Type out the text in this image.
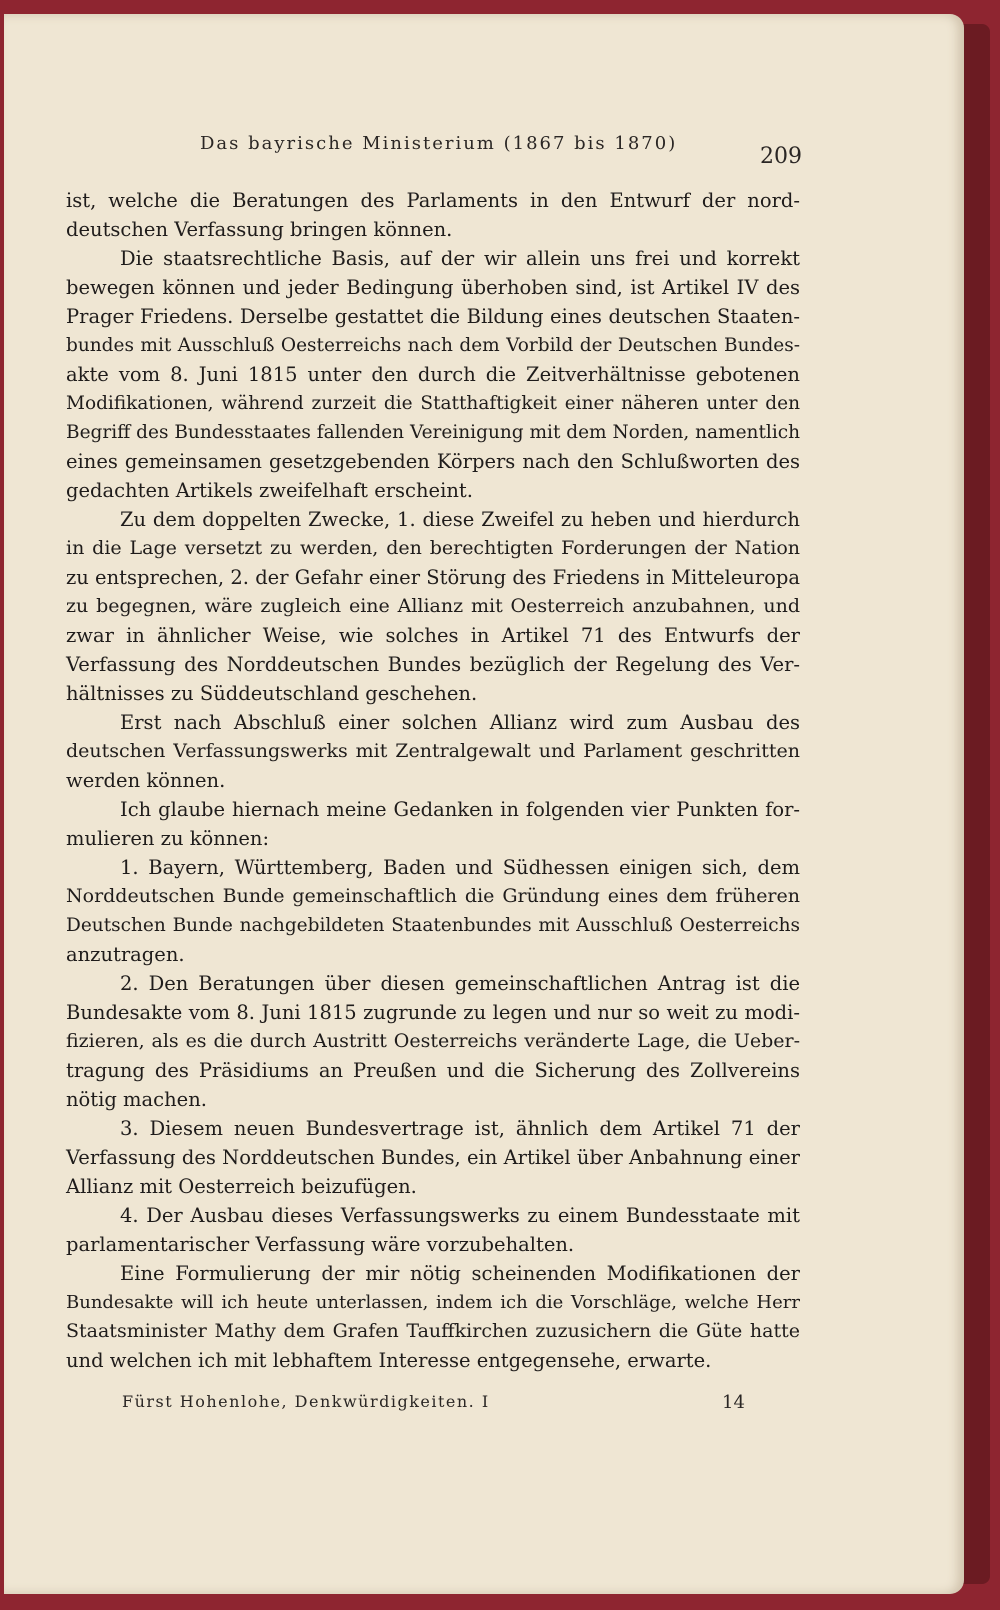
Das bayrische Ministerium (1867 bis 1870)
209
ist, welche die Beratungen des Parlaments in den Entwurf der nord-
deutschen Verfassung bringen können.
Die staatsrechtliche Basis, auf der wir allein uns frei und korrekt
bewegen können und jeder Bedingung überhoben sind, ist Artikel IV des
Prager Friedens. Derselbe gestattet die Bildung eines deutschen Staaten-
bundes mit Ausschluß Oesterreichs nach dem Vorbild der Deutschen Bundes-
akte vom 8. Juni 1815 unter den durch die Zeitverhältnisse gebotenen
Modifikationen, während zurzeit die Statthaftigkeit einer näheren unter den
Begriff des Bundesstaates fallenden Vereinigung mit dem Norden, namentlich
eines gemeinsamen gesetzgebenden Körpers nach den Schlußworten des
gedachten Artikels zweifelhaft erscheint.
Zu dem doppelten Zwecke, 1. diese Zweifel zu heben und hierdurch
in die Lage versetzt zu werden, den berechtigten Forderungen der Nation
zu entsprechen, 2. der Gefahr einer Störung des Friedens in Mitteleuropa
zu begegnen, wäre zugleich eine Allianz mit Oesterreich anzubahnen, und
zwar in ähnlicher Weise, wie solches in Artikel 71 des Entwurfs der
Verfassung des Norddeutschen Bundes bezüglich der Regelung des Ver-
hältnisses zu Süddeutschland geschehen.
Erst nach Abschluß einer solchen Allianz wird zum Ausbau des
deutschen Verfassungswerks mit Zentralgewalt und Parlament geschritten
werden können.
Ich glaube hiernach meine Gedanken in folgenden vier Punkten for-
mulieren zu können:
1. Bayern, Württemberg, Baden und Südhessen einigen sich, dem
Norddeutschen Bunde gemeinschaftlich die Gründung eines dem früheren
Deutschen Bunde nachgebildeten Staatenbundes mit Ausschluß Oesterreichs
anzutragen.
2. Den Beratungen über diesen gemeinschaftlichen Antrag ist die
Bundesakte vom 8. Juni 1815 zugrunde zu legen und nur so weit zu modi-
fizieren, als es die durch Austritt Oesterreichs veränderte Lage, die Ueber-
tragung des Präsidiums an Preußen und die Sicherung des Zollvereins
nötig machen.
3. Diesem neuen Bundesvertrage ist, ähnlich dem Artikel 71 der
Verfassung des Norddeutschen Bundes, ein Artikel über Anbahnung einer
Allianz mit Oesterreich beizufügen.
4. Der Ausbau dieses Verfassungswerks zu einem Bundesstaate mit
parlamentarischer Verfassung wäre vorzubehalten.
Eine Formulierung der mir nötig scheinenden Modifikationen der
Bundesakte will ich heute unterlassen, indem ich die Vorschläge, welche Herr
Staatsminister Mathy dem Grafen Tauffkirchen zuzusichern die Güte hatte
und welchen ich mit lebhaftem Interesse entgegensehe, erwarte.
Fürst Hohenlohe, Denkwürdigkeiten. I	14
